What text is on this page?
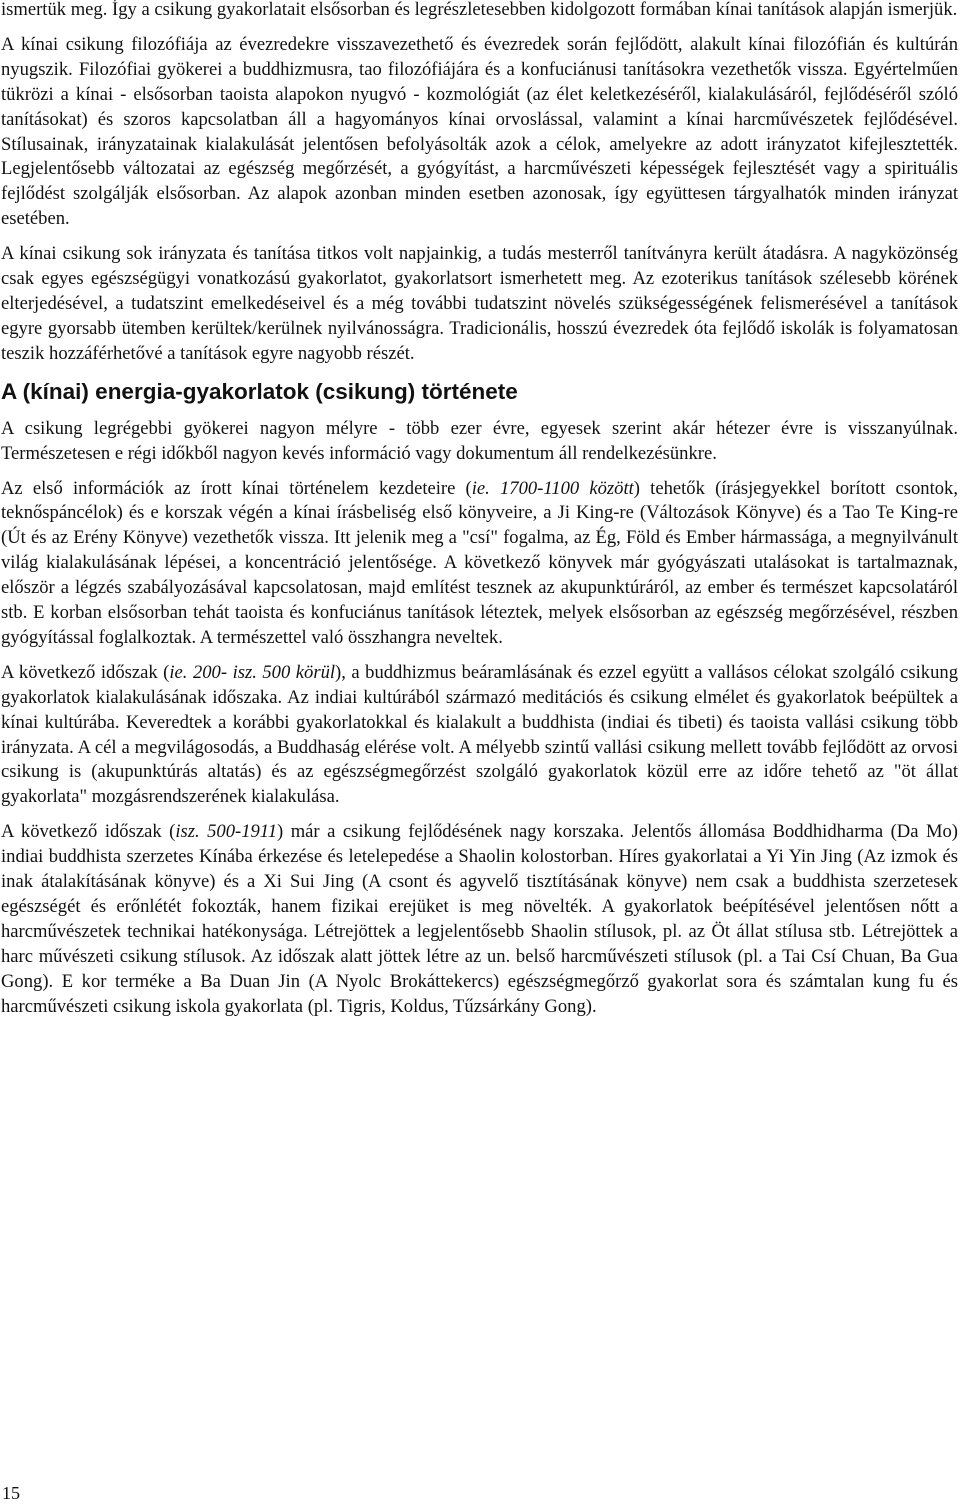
ismertük meg. Így a csikung gyakorlatait elsősorban és legrészletesebben kidolgozott formában kínai tanítások alapján ismerjük.

A kínai csikung filozófiája az évezredekre visszavezethető és évezredek során fejlődött, alakult kínai filozófián és kultúrán nyugszik. Filozófiai gyökerei a buddhizmusra, tao filozófiájára és a konfuciánusi tanításokra vezethetők vissza. Egyértelműen tükrözi a kínai - elsősorban taoista alapokon nyugvó - kozmológiát (az élet keletkezéséről, kialakulásáról, fejlődéséről szóló tanításokat) és szoros kapcsolatban áll a hagyományos kínai orvoslással, valamint a kínai harcművészetek fejlődésével. Stílusainak, irányzatainak kialakulását jelentősen befolyásolták azok a célok, amelyekre az adott irányzatot kifejlesztették. Legjelentősebb változatai az egészség megőrzését, a gyógyítást, a harcművészeti képességek fejlesztését vagy a spirituális fejlődést szolgálják elsősorban. Az alapok azonban minden esetben azonosak, így együttesen tárgyalhatók minden irányzat esetében.

A kínai csikung sok irányzata és tanítása titkos volt napjainkig, a tudás mesterről tanítványra került átadásra. A nagyközönség csak egyes egészségügyi vonatkozású gyakorlatot, gyakorlatsort ismerhetett meg. Az ezoterikus tanítások szélesebb körének elterjedésével, a tudatszint emelkedéseivel és a még további tudatszint növelés szükségességének felismerésével a tanítások egyre gyorsabb ütemben kerültek/kerülnek nyilvánosságra. Tradicionális, hosszú évezredek óta fejlődő iskolák is folyamatosan teszik hozzáférhetővé a tanítások egyre nagyobb részét.

A (kínai) energia-gyakorlatok (csikung) története

A csikung legrégebbi gyökerei nagyon mélyre - több ezer évre, egyesek szerint akár hétezer évre is visszanyúlnak. Természetesen e régi időkből nagyon kevés információ vagy dokumentum áll rendelkezésünkre.

Az első információk az írott kínai történelem kezdeteire (ie. 1700-1100 között) tehetők (írásjegyekkel borított csontok, teknőspáncélok) és e korszak végén a kínai írásbeliség első könyveire, a Ji King-re (Változások Könyve) és a Tao Te King-re (Út és az Erény Könyve) vezethetők vissza. Itt jelenik meg a "csí" fogalma, az Ég, Föld és Ember hármassága, a megnyilvánult világ kialakulásának lépései, a koncentráció jelentősége. A következő könyvek már gyógyászati utalásokat is tartalmaznak, először a légzés szabályozásával kapcsolatosan, majd említést tesznek az akupunktúráról, az ember és természet kapcsolatáról stb. E korban elsősorban tehát taoista és konfuciánus tanítások léteztek, melyek elsősorban az egészség megőrzésével, részben gyógyítással foglalkoztak. A természettel való összhangra neveltek.

A következő időszak (ie. 200- isz. 500 körül), a buddhizmus beáramlásának és ezzel együtt a vallásos célokat szolgáló csikung gyakorlatok kialakulásának időszaka. Az indiai kultúrából származó meditációs és csikung elmélet és gyakorlatok beépültek a kínai kultúrába. Keveredtek a korábbi gyakorlatokkal és kialakult a buddhista (indiai és tibeti) és taoista vallási csikung több irányzata. A cél a megvilágosodás, a Buddhaság elérése volt. A mélyebb szintű vallási csikung mellett tovább fejlődött az orvosi csikung is (akupunktúrás altatás) és az egészségmegőrzést szolgáló gyakorlatok közül erre az időre tehető az "öt állat gyakorlata" mozgásrendszerének kialakulása.

A következő időszak (isz. 500-1911) már a csikung fejlődésének nagy korszaka. Jelentős állomása Boddhidharma (Da Mo) indiai buddhista szerzetes Kínába érkezése és letelepedése a Shaolin kolostorban. Híres gyakorlatai a Yi Yin Jing (Az izmok és inak átalakításának könyve) és a Xi Sui Jing (A csont és agyvelő tisztításának könyve) nem csak a buddhista szerzetesek egészségét és erőnlétét fokozták, hanem fizikai erejüket is meg növelték. A gyakorlatok beépítésével jelentősen nőtt a harcművészetek technikai hatékonysága. Létrejöttek a legjelentősebb Shaolin stílusok, pl. az Öt állat stílusa stb. Létrejöttek a harc művészeti csikung stílusok. Az időszak alatt jöttek létre az un. belső harcművészeti stílusok (pl. a Tai Csí Chuan, Ba Gua Gong). E kor terméke a Ba Duan Jin (A Nyolc Brokáttekercs) egészségmegőrző gyakorlat sora és számtalan kung fu és harcművészeti csikung iskola gyakorlata (pl. Tigris, Koldus, Tűzsárkány Gong).

15
